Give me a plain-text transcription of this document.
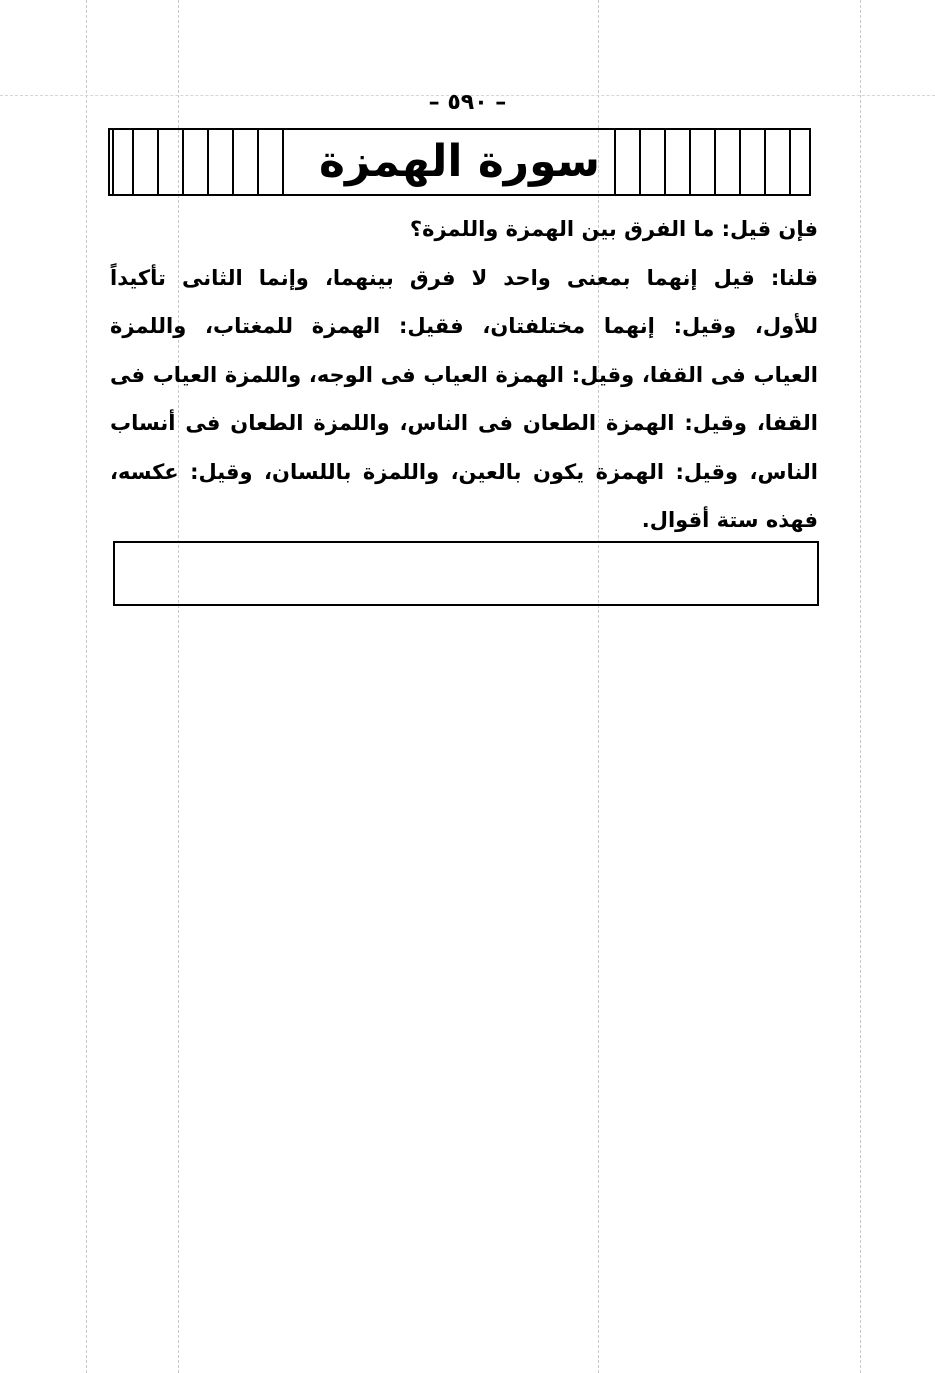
– ٥٩٠ –
سورة الهمزة
فإن قيل: ما الفرق بين الهمزة واللمزة؟
قلنا: قيل إنهما بمعنى واحد لا فرق بينهما، وإنما الثانى تأكيداً
للأول، وقيل: إنهما مختلفتان، فقيل: الهمزة للمغتاب، واللمزة
العياب فى القفا، وقيل: الهمزة العياب فى الوجه، واللمزة العياب فى
القفا، وقيل: الهمزة الطعان فى الناس، واللمزة الطعان فى أنساب
الناس، وقيل: الهمزة يكون بالعين، واللمزة باللسان، وقيل: عكسه،
فهذه ستة أقوال.
